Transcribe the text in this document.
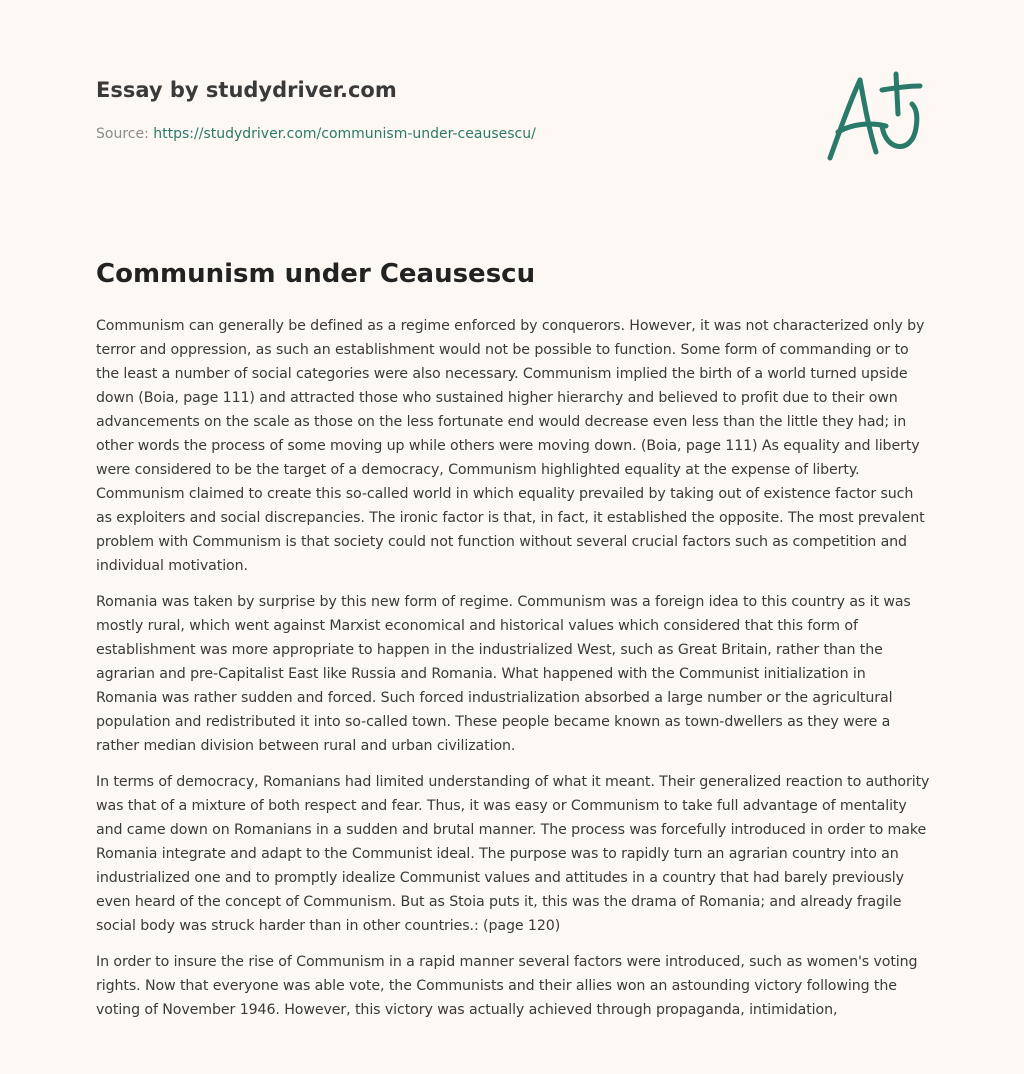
Essay by studydriver.com
Source: https://studydriver.com/communism-under-ceausescu/
Communism under Ceausescu

Communism can generally be defined as a regime enforced by conquerors. However, it was not characterized only by terror and oppression, as such an establishment would not be possible to function. Some form of commanding or to the least a number of social categories were also necessary. Communism implied the birth of a world turned upside down (Boia, page 111) and attracted those who sustained higher hierarchy and believed to profit due to their own advancements on the scale as those on the less fortunate end would decrease even less than the little they had; in other words the process of some moving up while others were moving down. (Boia, page 111) As equality and liberty were considered to be the target of a democracy, Communism highlighted equality at the expense of liberty. Communism claimed to create this so-called world in which equality prevailed by taking out of existence factor such as exploiters and social discrepancies. The ironic factor is that, in fact, it established the opposite. The most prevalent problem with Communism is that society could not function without several crucial factors such as competition and individual motivation.

Romania was taken by surprise by this new form of regime. Communism was a foreign idea to this country as it was mostly rural, which went against Marxist economical and historical values which considered that this form of establishment was more appropriate to happen in the industrialized West, such as Great Britain, rather than the agrarian and pre-Capitalist East like Russia and Romania. What happened with the Communist initialization in Romania was rather sudden and forced. Such forced industrialization absorbed a large number or the agricultural population and redistributed it into so-called town. These people became known as town-dwellers as they were a rather median division between rural and urban civilization.

In terms of democracy, Romanians had limited understanding of what it meant. Their generalized reaction to authority was that of a mixture of both respect and fear. Thus, it was easy or Communism to take full advantage of mentality and came down on Romanians in a sudden and brutal manner. The process was forcefully introduced in order to make Romania integrate and adapt to the Communist ideal. The purpose was to rapidly turn an agrarian country into an industrialized one and to promptly idealize Communist values and attitudes in a country that had barely previously even heard of the concept of Communism. But as Stoia puts it, this was the drama of Romania; and already fragile social body was struck harder than in other countries.: (page 120)

In order to insure the rise of Communism in a rapid manner several factors were introduced, such as women's voting rights. Now that everyone was able vote, the Communists and their allies won an astounding victory following the voting of November 1946. However, this victory was actually achieved through propaganda, intimidation,
